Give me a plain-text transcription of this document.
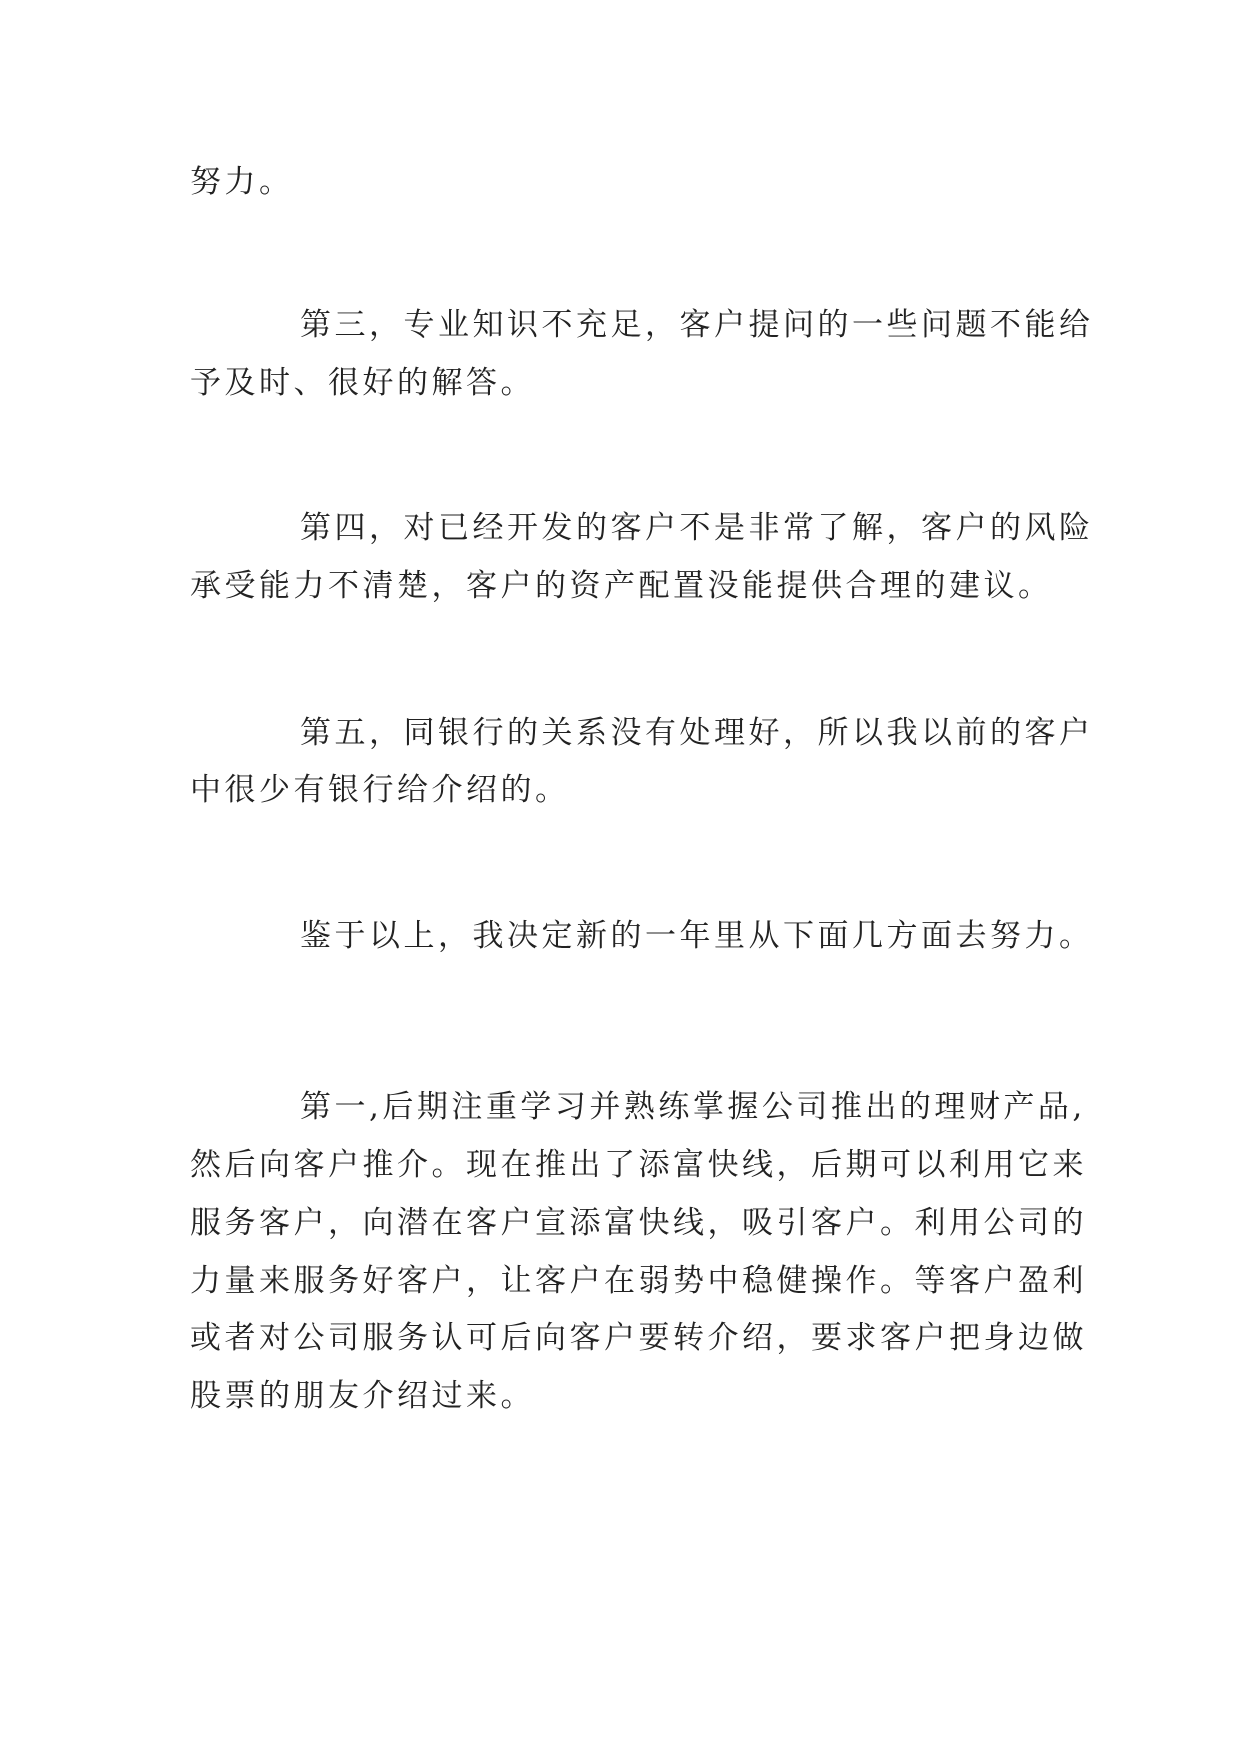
努力。
第三，专业知识不充足，客户提问的一些问题不能给
予及时、很好的解答。
第四，对已经开发的客户不是非常了解，客户的风险
承受能力不清楚，客户的资产配置没能提供合理的建议。
第五，同银行的关系没有处理好，所以我以前的客户
中很少有银行给介绍的。
鉴于以上，我决定新的一年里从下面几方面去努力。
第一,后期注重学习并熟练掌握公司推出的理财产品,
然后向客户推介。现在推出了添富快线，后期可以利用它来
服务客户，向潜在客户宣添富快线，吸引客户。利用公司的
力量来服务好客户，让客户在弱势中稳健操作。等客户盈利
或者对公司服务认可后向客户要转介绍，要求客户把身边做
股票的朋友介绍过来。
